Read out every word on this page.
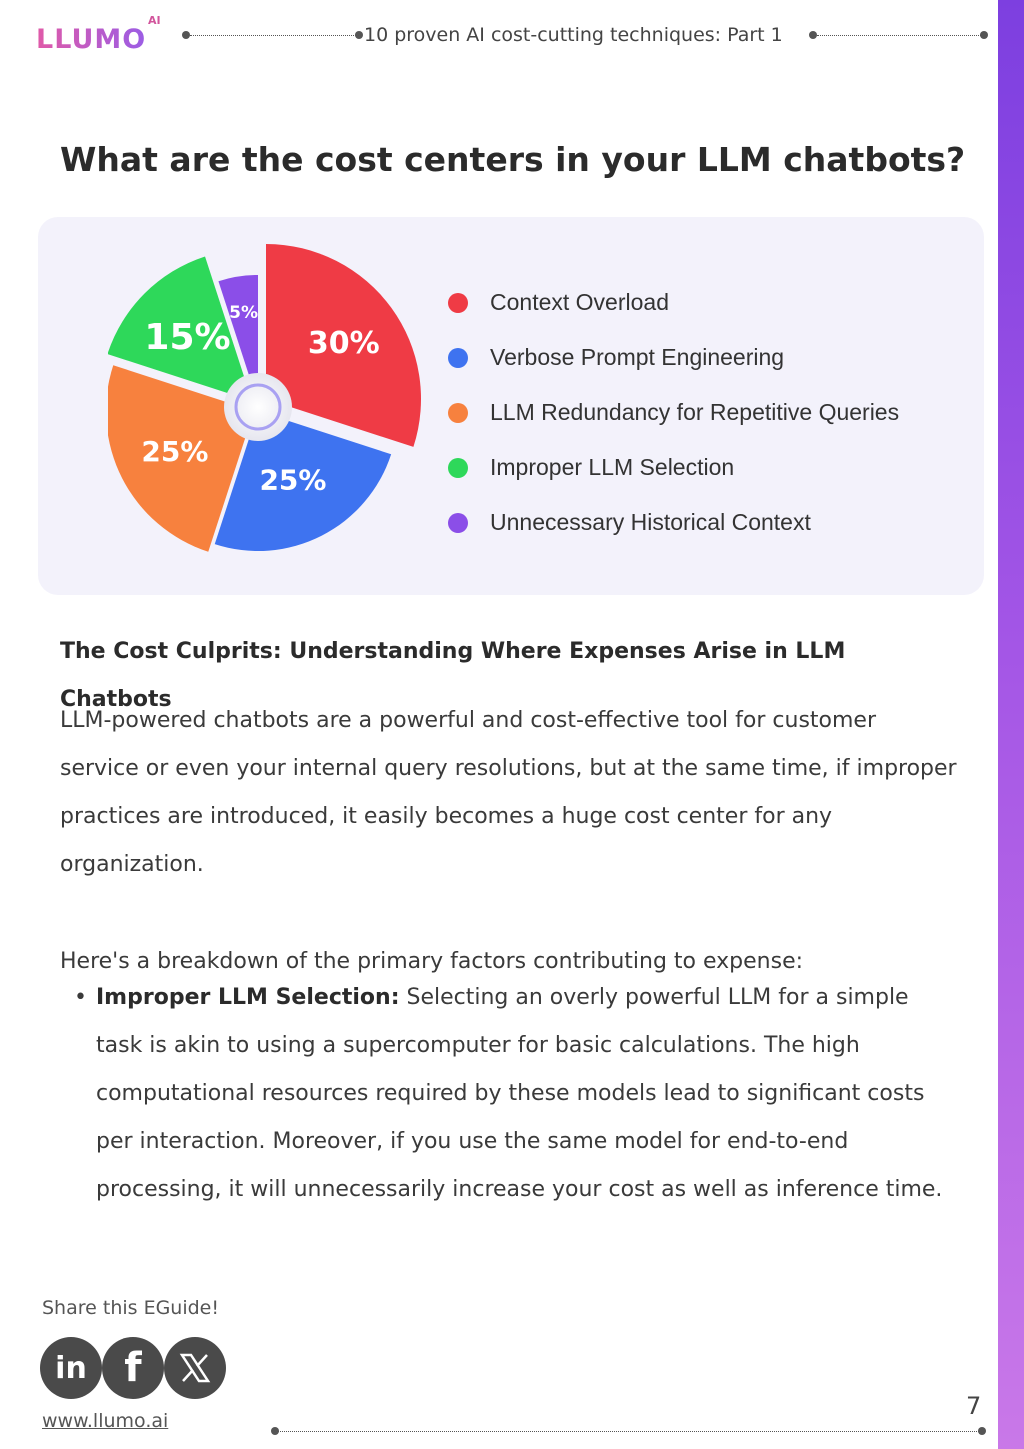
LLUMO
AI
10 proven AI cost-cutting techniques: Part 1
What are the cost centers in your LLM chatbots?
30%
25%
25%
15%
5%	Context Overload
Verbose Prompt Engineering
LLM Redundancy for Repetitive Queries
Improper LLM Selection
Unnecessary Historical Context
The Cost Culprits: Understanding Where Expenses Arise in LLM Chatbots

LLM-powered chatbots are a powerful and cost-effective tool for customer service or even your internal query resolutions, but at the same time, if improper practices are introduced, it easily becomes a huge cost center for any organization.

Here's a breakdown of the primary factors contributing to expense:

• Improper LLM Selection: Selecting an overly powerful LLM for a simple task is akin to using a supercomputer for basic calculations. The high computational resources required by these models lead to significant costs per interaction. Moreover, if you use the same model for end-to-end processing, it will unnecessarily increase your cost as well as inference time.
Share this EGuide!
in f
www.llumo.ai
7
